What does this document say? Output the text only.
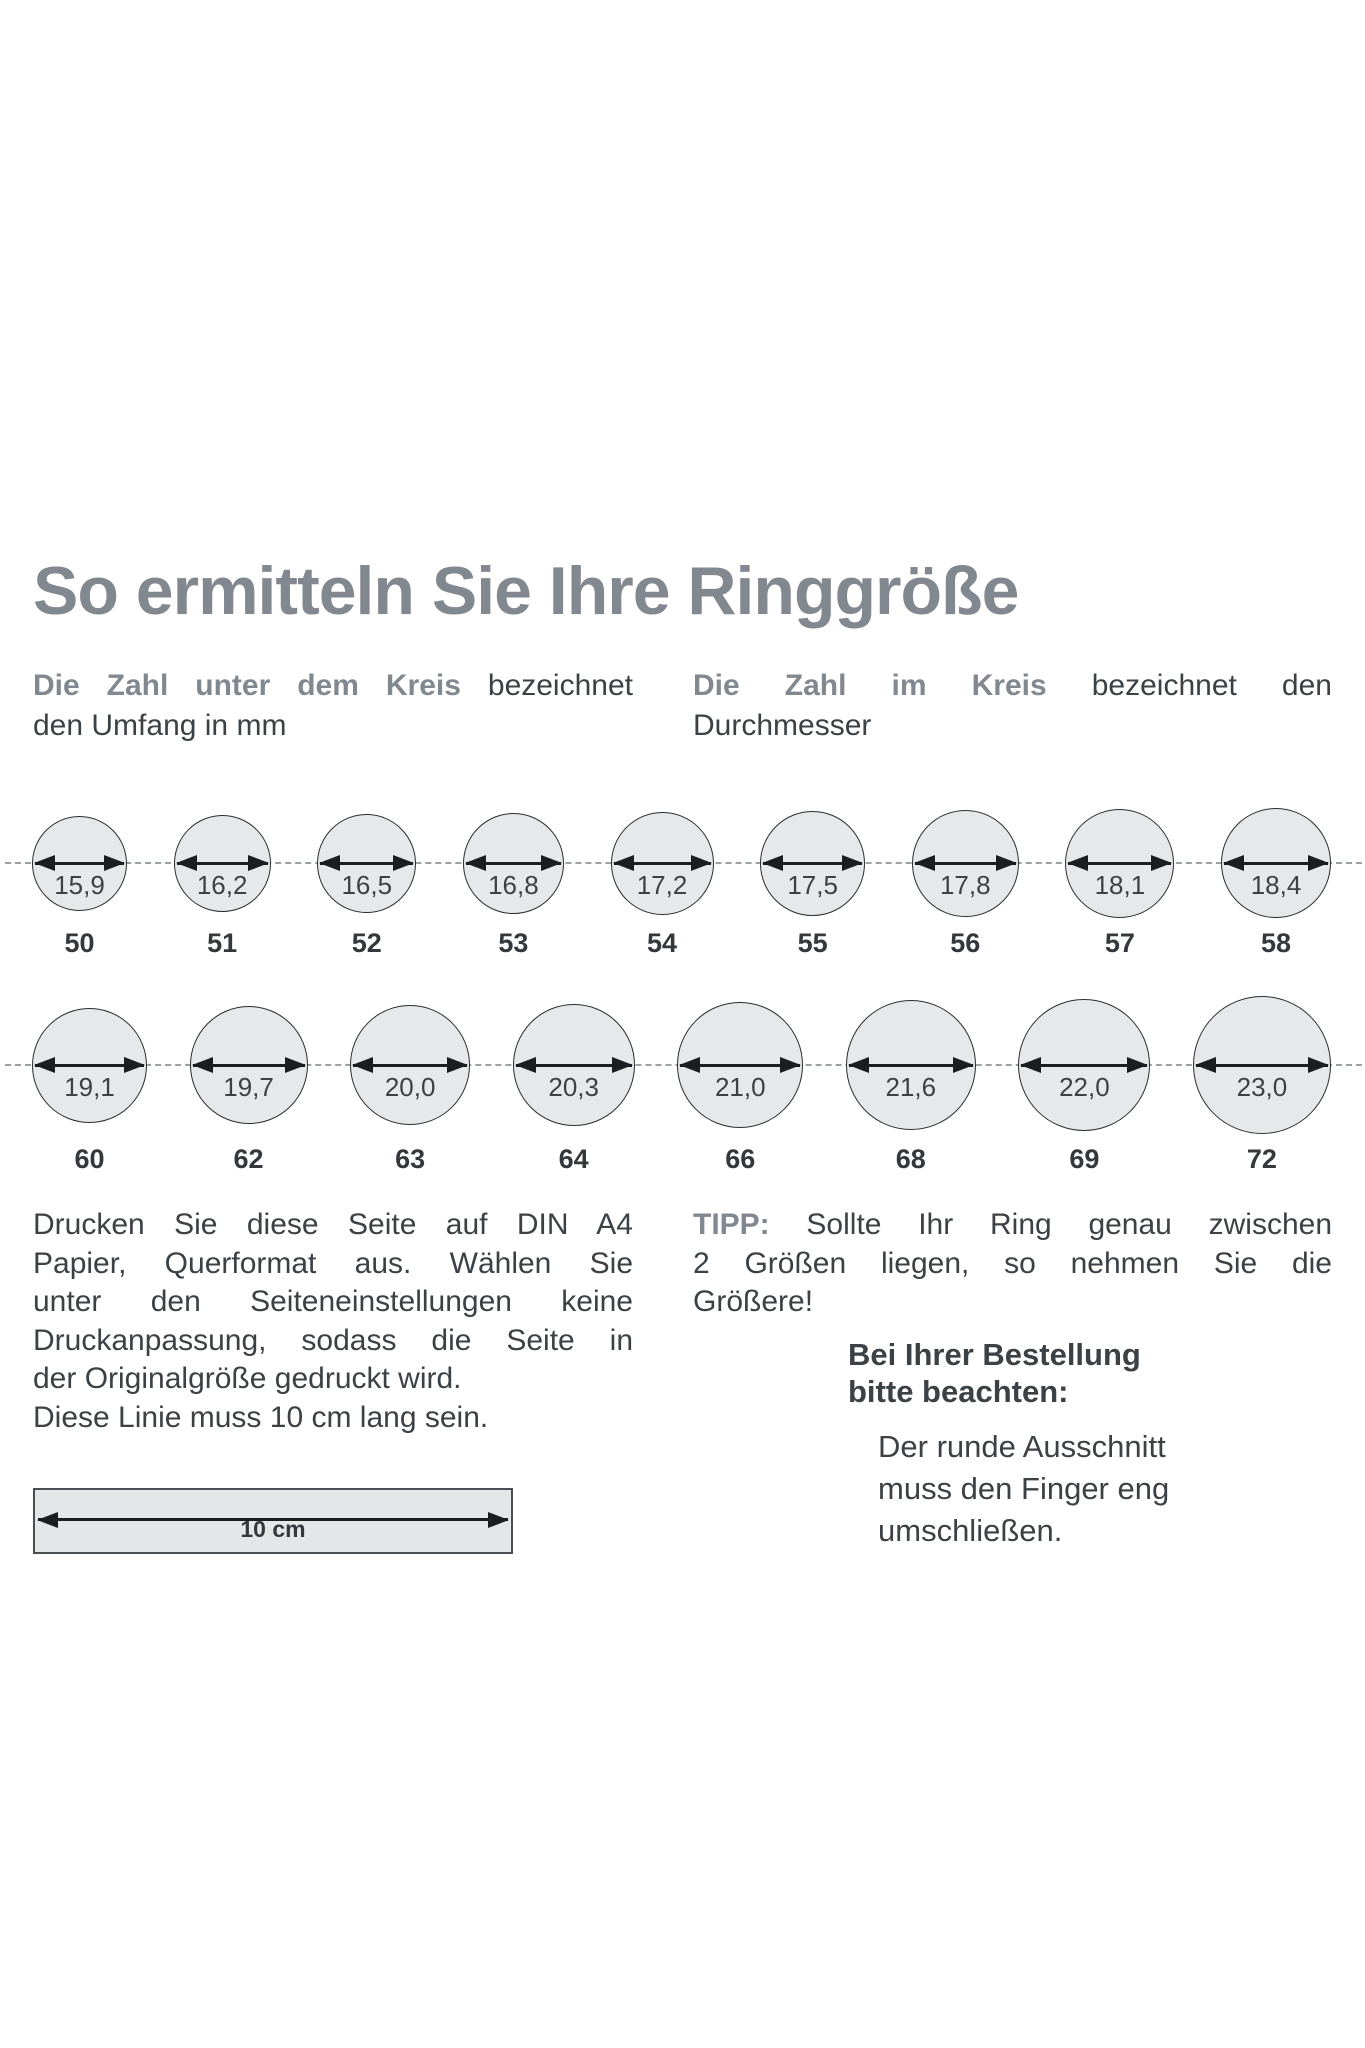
So ermitteln Sie Ihre Ringgröße
Die Zahl unter dem Kreis bezeichnet
den Umfang in mm
Die Zahl im Kreis bezeichnet den
Durchmesser
15,9
50
16,2
51
16,5
52
16,8
53
17,2
54
17,5
55
17,8
56
18,1
57
18,4
58
19,1
60
19,7
62
20,0
63
20,3
64
21,0
66
21,6
68
22,0
69
23,0
72
Drucken Sie diese Seite auf DIN A4
Papier, Querformat aus. Wählen Sie
unter den Seiteneinstellungen keine
Druckanpassung, sodass die Seite in
der Originalgröße gedruckt wird.
Diese Linie muss 10 cm lang sein.
10 cm
TIPP: Sollte Ihr Ring genau zwischen
2 Größen liegen, so nehmen Sie die
Größere!
Bei Ihrer Bestellung bitte beachten:
Der runde Ausschnitt muss den Finger eng umschließen.
